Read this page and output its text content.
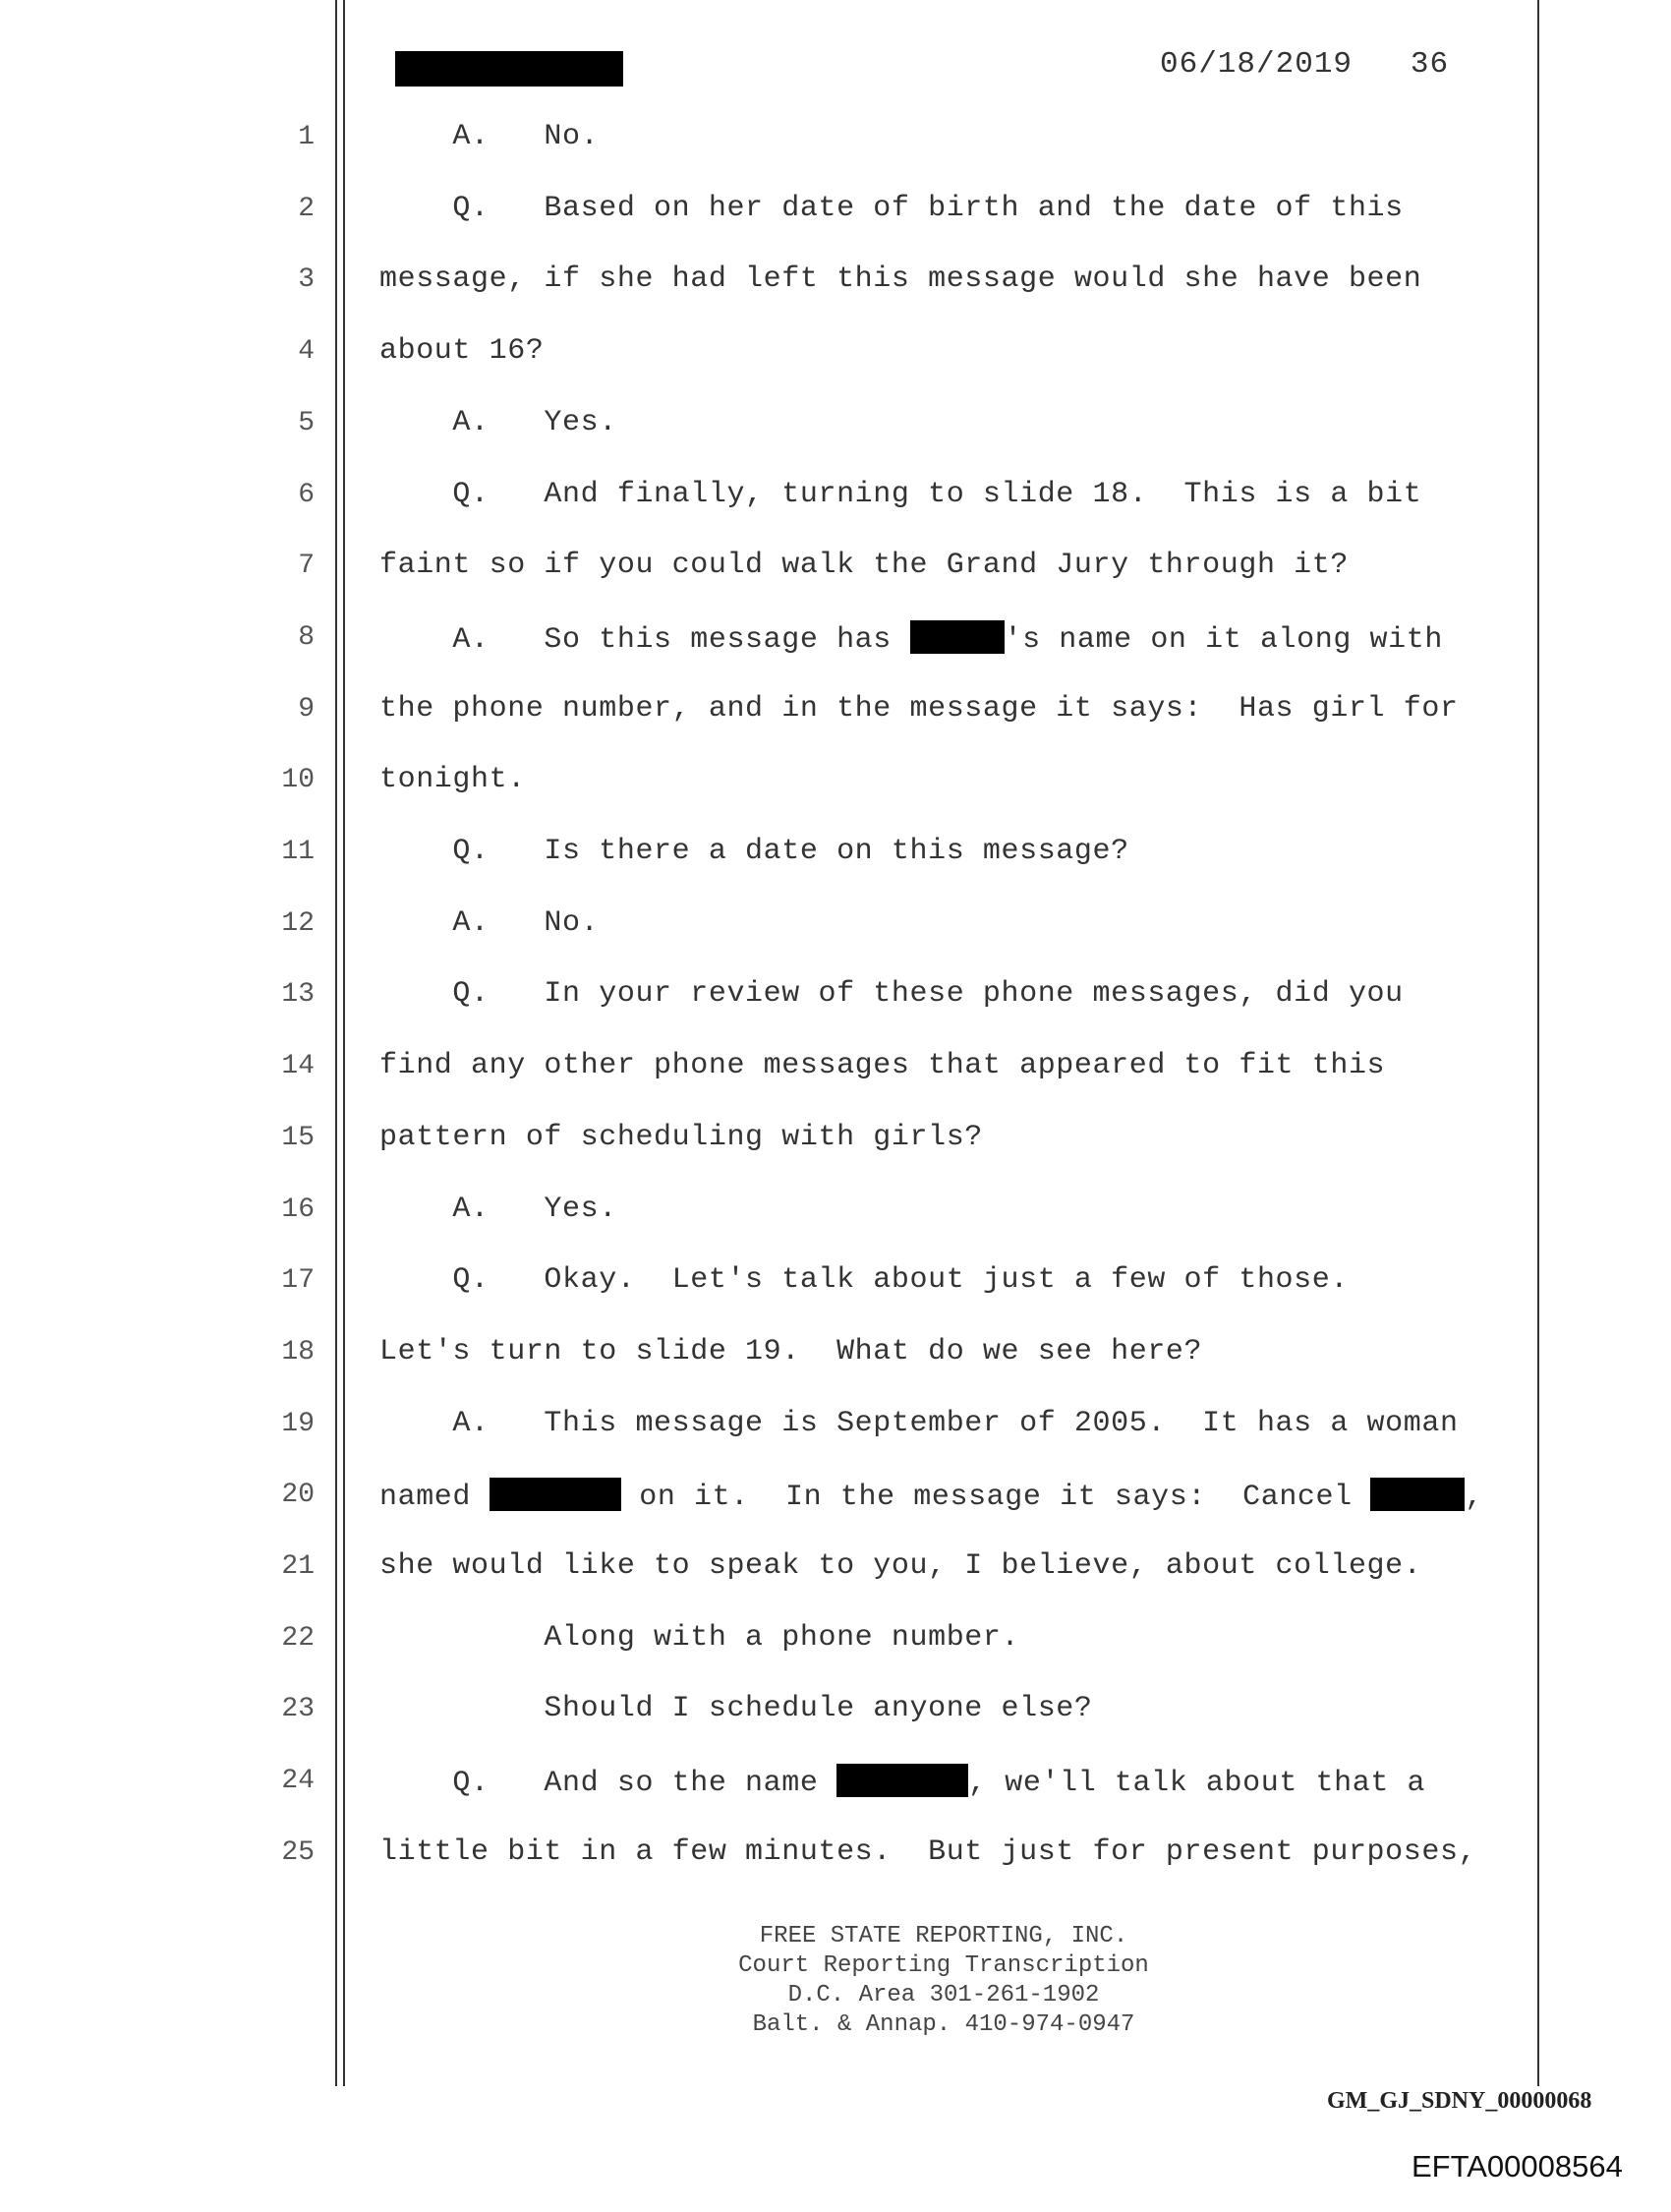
06/18/2019   36
1 A.   No.
2 Q.   Based on her date of birth and the date of this
3 message, if she had left this message would she have been
4 about 16?
5 A.   Yes.
6 Q.   And finally, turning to slide 18.  This is a bit
7 faint so if you could walk the Grand Jury through it?
8 A.   So this message has	's name on it along with
9 the phone number, and in the message it says:  Has girl for
10 tonight.
11 Q.   Is there a date on this message?
12 A.   No.
13 Q.   In your review of these phone messages, did you
14 find any other phone messages that appeared to fit this
15 pattern of scheduling with girls?
16 A.   Yes.
17 Q.   Okay.  Let's talk about just a few of those.
18 Let's turn to slide 19.  What do we see here?
19 A.   This message is September of 2005.  It has a woman
20 named	on it.  In the message it says:  Cancel	,
21 she would like to speak to you, I believe, about college.
22 Along with a phone number.
23 Should I schedule anyone else?
24 Q.   And so the name	, we'll talk about that a
25 little bit in a few minutes.  But just for present purposes,
FREE STATE REPORTING, INC.
Court Reporting Transcription
D.C. Area 301-261-1902
Balt. & Annap. 410-974-0947
GM_GJ_SDNY_00000068
EFTA00008564
